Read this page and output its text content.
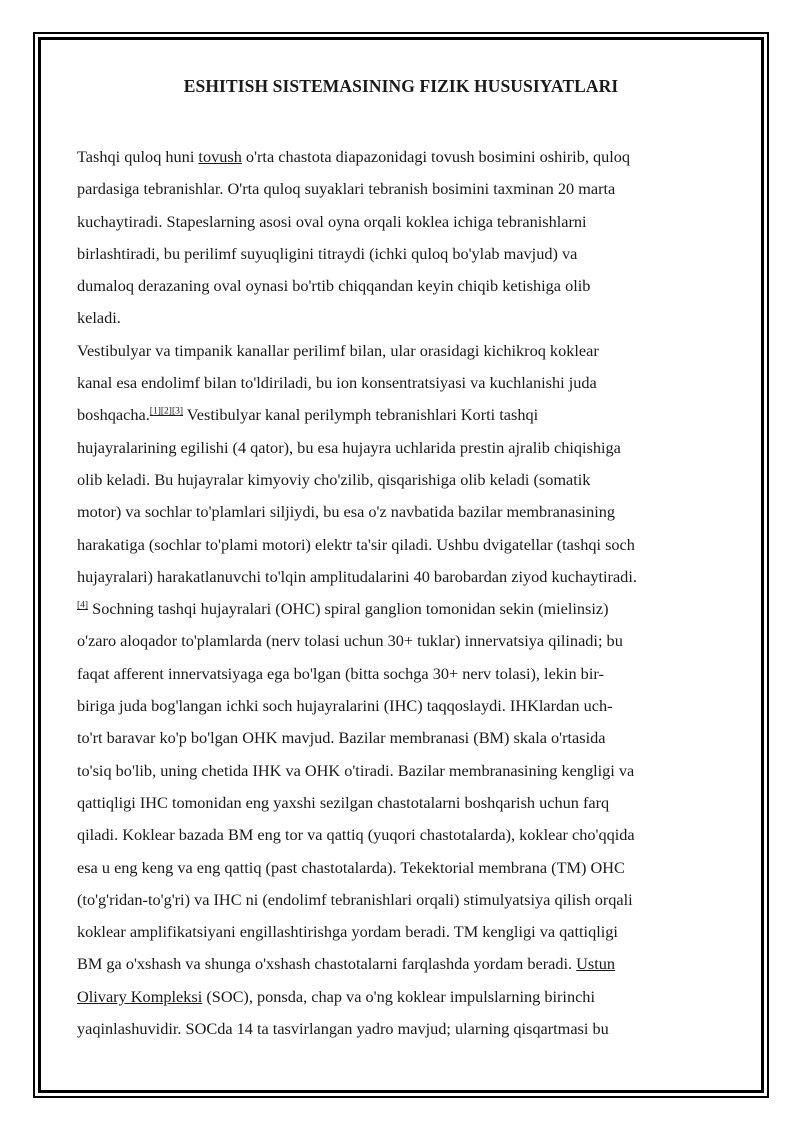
ESHITISH SISTEMASINING FIZIK HUSUSIYATLARI
Tashqi quloq huni tovush o'rta chastota diapazonidagi tovush bosimini oshirib, quloq
pardasiga tebranishlar. O'rta quloq suyaklari tebranish bosimini taxminan 20 marta
kuchaytiradi. Stapeslarning asosi oval oyna orqali koklea ichiga tebranishlarni
birlashtiradi, bu perilimf suyuqligini titraydi (ichki quloq bo'ylab mavjud) va
dumaloq derazaning oval oynasi bo'rtib chiqqandan keyin chiqib ketishiga olib
keladi.
Vestibulyar va timpanik kanallar perilimf bilan, ular orasidagi kichikroq koklear
kanal esa endolimf bilan to'ldiriladi, bu ion konsentratsiyasi va kuchlanishi juda
boshqacha.[1][2][3] Vestibulyar kanal perilymph tebranishlari Korti tashqi
hujayralarining egilishi (4 qator), bu esa hujayra uchlarida prestin ajralib chiqishiga
olib keladi. Bu hujayralar kimyoviy cho'zilib, qisqarishiga olib keladi (somatik
motor) va sochlar to'plamlari siljiydi, bu esa o'z navbatida bazilar membranasining
harakatiga (sochlar to'plami motori) elektr ta'sir qiladi. Ushbu dvigatellar (tashqi soch
hujayralari) harakatlanuvchi to'lqin amplitudalarini 40 barobardan ziyod kuchaytiradi.
[4] Sochning tashqi hujayralari (OHC) spiral ganglion tomonidan sekin (mielinsiz)
o'zaro aloqador to'plamlarda (nerv tolasi uchun 30+ tuklar) innervatsiya qilinadi; bu
faqat afferent innervatsiyaga ega bo'lgan (bitta sochga 30+ nerv tolasi), lekin bir-
biriga juda bog'langan ichki soch hujayralarini (IHC) taqqoslaydi. IHKlardan uch-
to'rt baravar ko'p bo'lgan OHK mavjud. Bazilar membranasi (BM) skala o'rtasida
to'siq bo'lib, uning chetida IHK va OHK o'tiradi. Bazilar membranasining kengligi va
qattiqligi IHC tomonidan eng yaxshi sezilgan chastotalarni boshqarish uchun farq
qiladi. Koklear bazada BM eng tor va qattiq (yuqori chastotalarda), koklear cho'qqida
esa u eng keng va eng qattiq (past chastotalarda). Tekektorial membrana (TM) OHC
(to'g'ridan-to'g'ri) va IHC ni (endolimf tebranishlari orqali) stimulyatsiya qilish orqali
koklear amplifikatsiyani engillashtirishga yordam beradi. TM kengligi va qattiqligi
BM ga o'xshash va shunga o'xshash chastotalarni farqlashda yordam beradi. Ustun
Olivary Kompleksi (SOC), ponsda, chap va o'ng koklear impulslarning birinchi
yaqinlashuvidir. SOCda 14 ta tasvirlangan yadro mavjud; ularning qisqartmasi bu
